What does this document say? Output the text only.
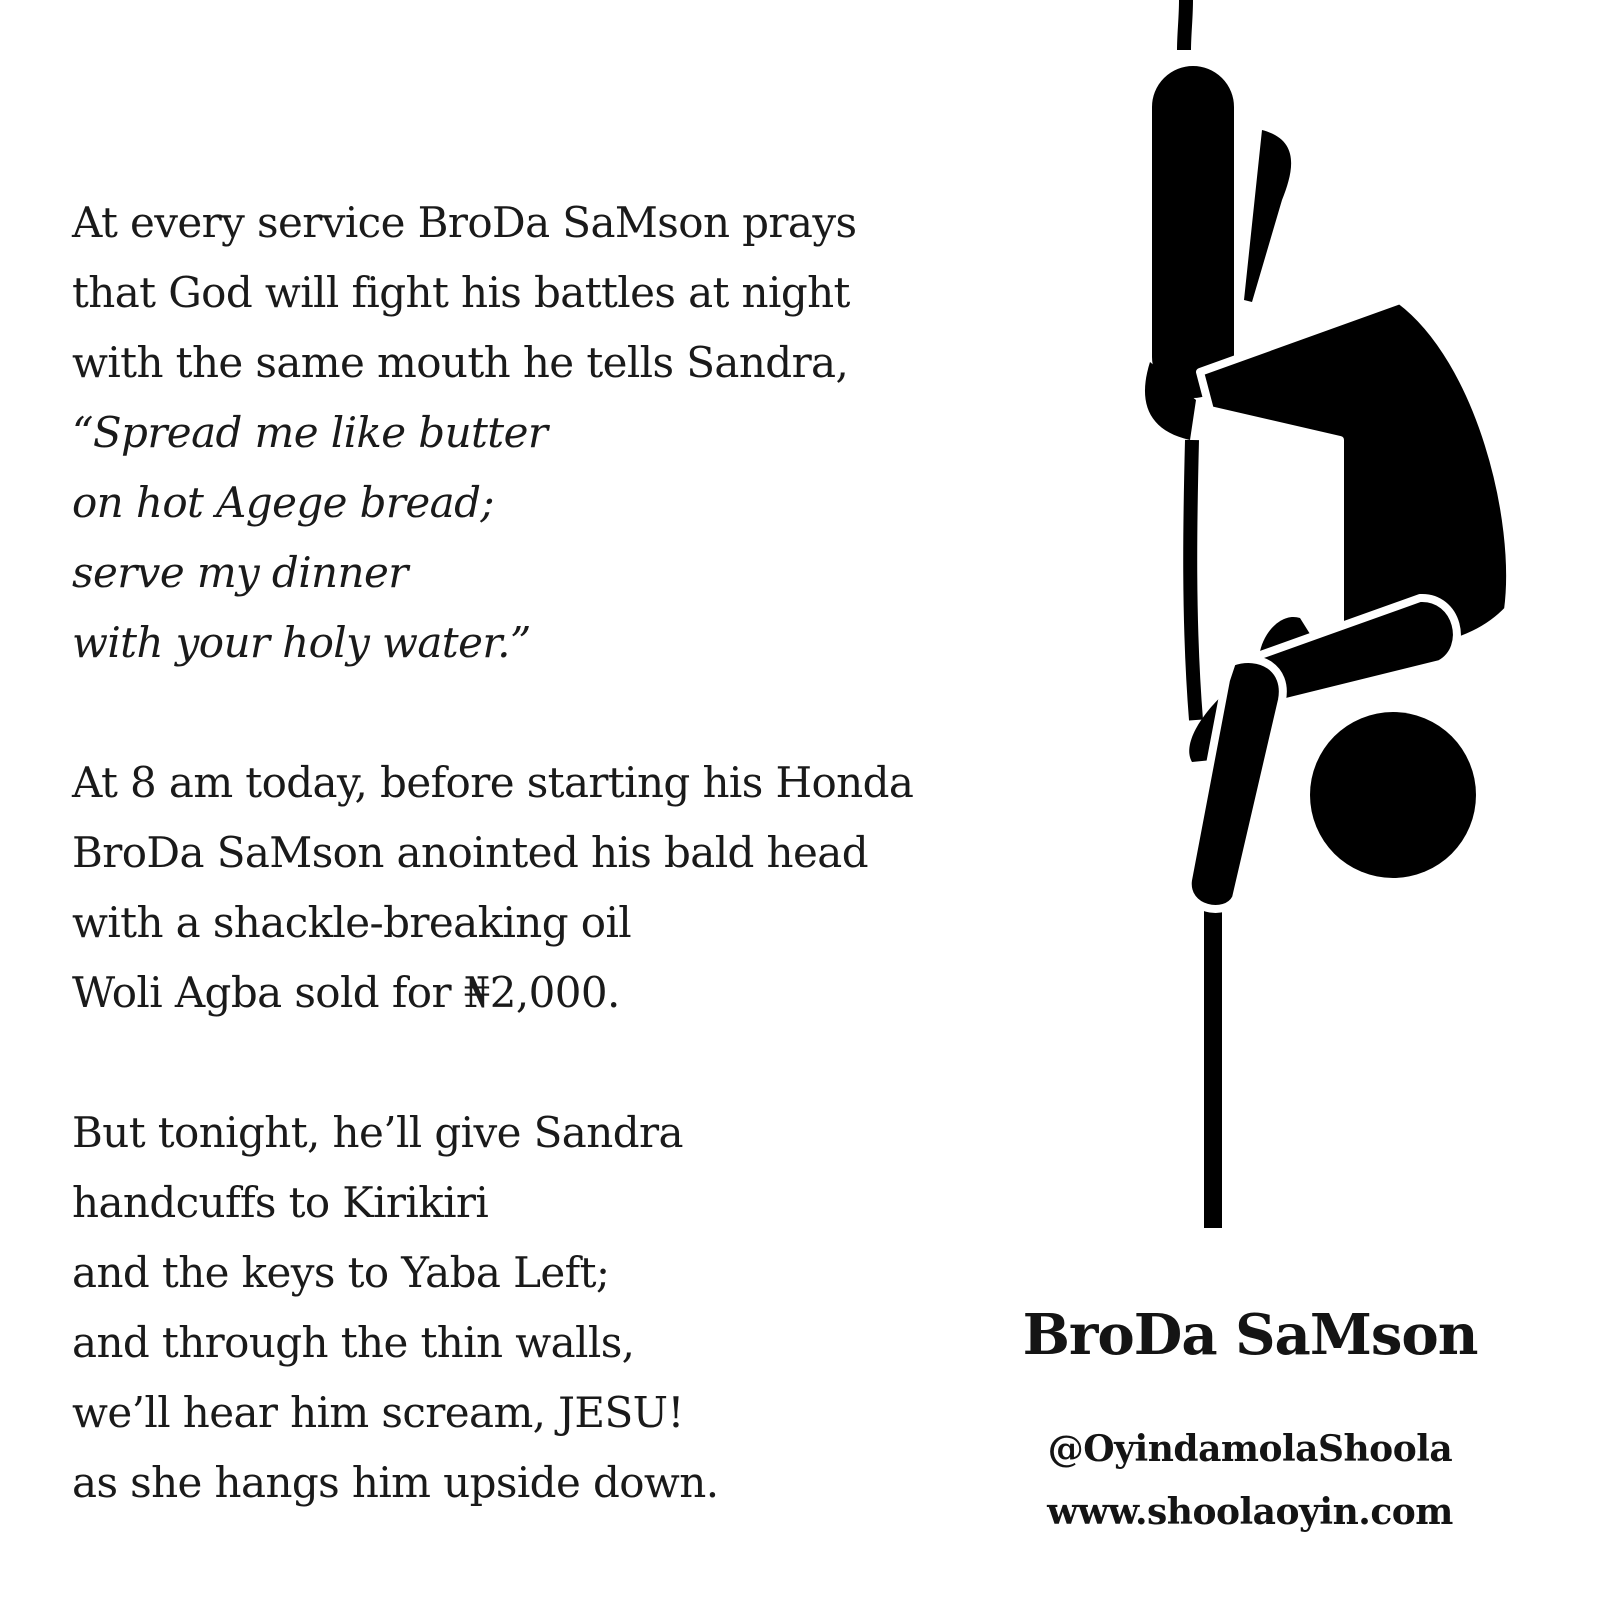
At every service BroDa SaMson prays
that God will fight his battles at night
with the same mouth he tells Sandra,
“Spread me like butter
on hot Agege bread;
serve my dinner
with your holy water.”
At 8 am today, before starting his Honda
BroDa SaMson anointed his bald head
with a shackle-breaking oil
Woli Agba sold for ₦2,000.
But tonight, he’ll give Sandra
handcuffs to Kirikiri
and the keys to Yaba Left;
and through the thin walls,
we’ll hear him scream, JESU!
as she hangs him upside down.
BroDa SaMson
@OyindamolaShoola
www.shoolaoyin.com
